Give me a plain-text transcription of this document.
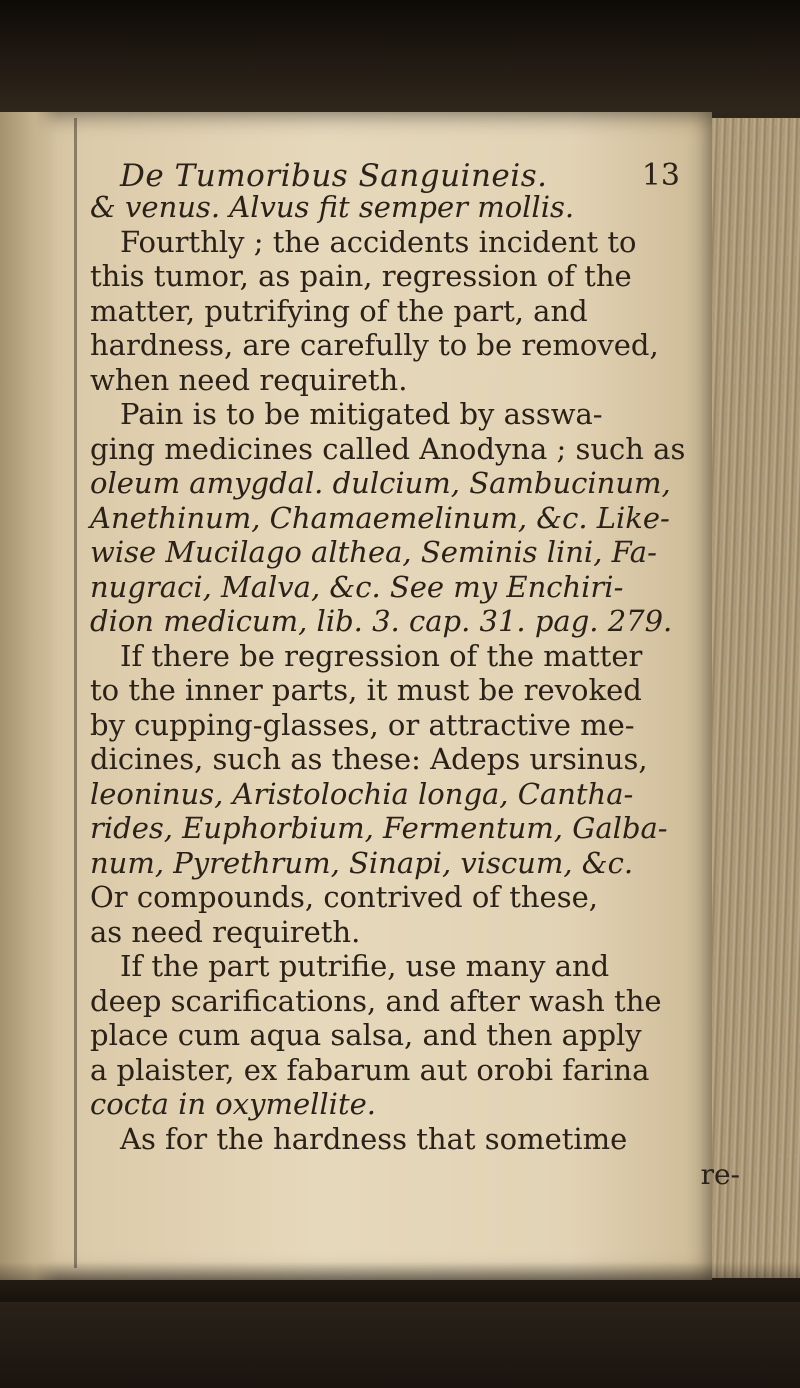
De Tumoribus Sanguineis.	13
& venus. Alvus fit semper mollis.
Fourthly ; the accidents incident to
this tumor, as pain, regression of the
matter, putrifying of the part, and
hardness, are carefully to be removed,
when need requireth.
Pain is to be mitigated by asswa-
ging medicines called Anodyna ; such as
oleum amygdal. dulcium, Sambucinum,
Anethinum, Chamaemelinum, &c. Like-
wise Mucilago althea, Seminis lini, Fa-
nugraci, Malva, &c. See my Enchiri-
dion medicum, lib. 3. cap. 31. pag. 279.
If there be regression of the matter
to the inner parts, it must be revoked
by cupping-glasses, or attractive me-
dicines, such as these: Adeps ursinus,
leoninus, Aristolochia longa, Cantha-
rides, Euphorbium, Fermentum, Galba-
num, Pyrethrum, Sinapi, viscum, &c.
Or compounds, contrived of these,
as need requireth.
If the part putrifie, use many and
deep scarifications, and after wash the
place cum aqua salsa, and then apply
a plaister, ex fabarum aut orobi farina
cocta in oxymellite.
As for the hardness that sometime
re-
